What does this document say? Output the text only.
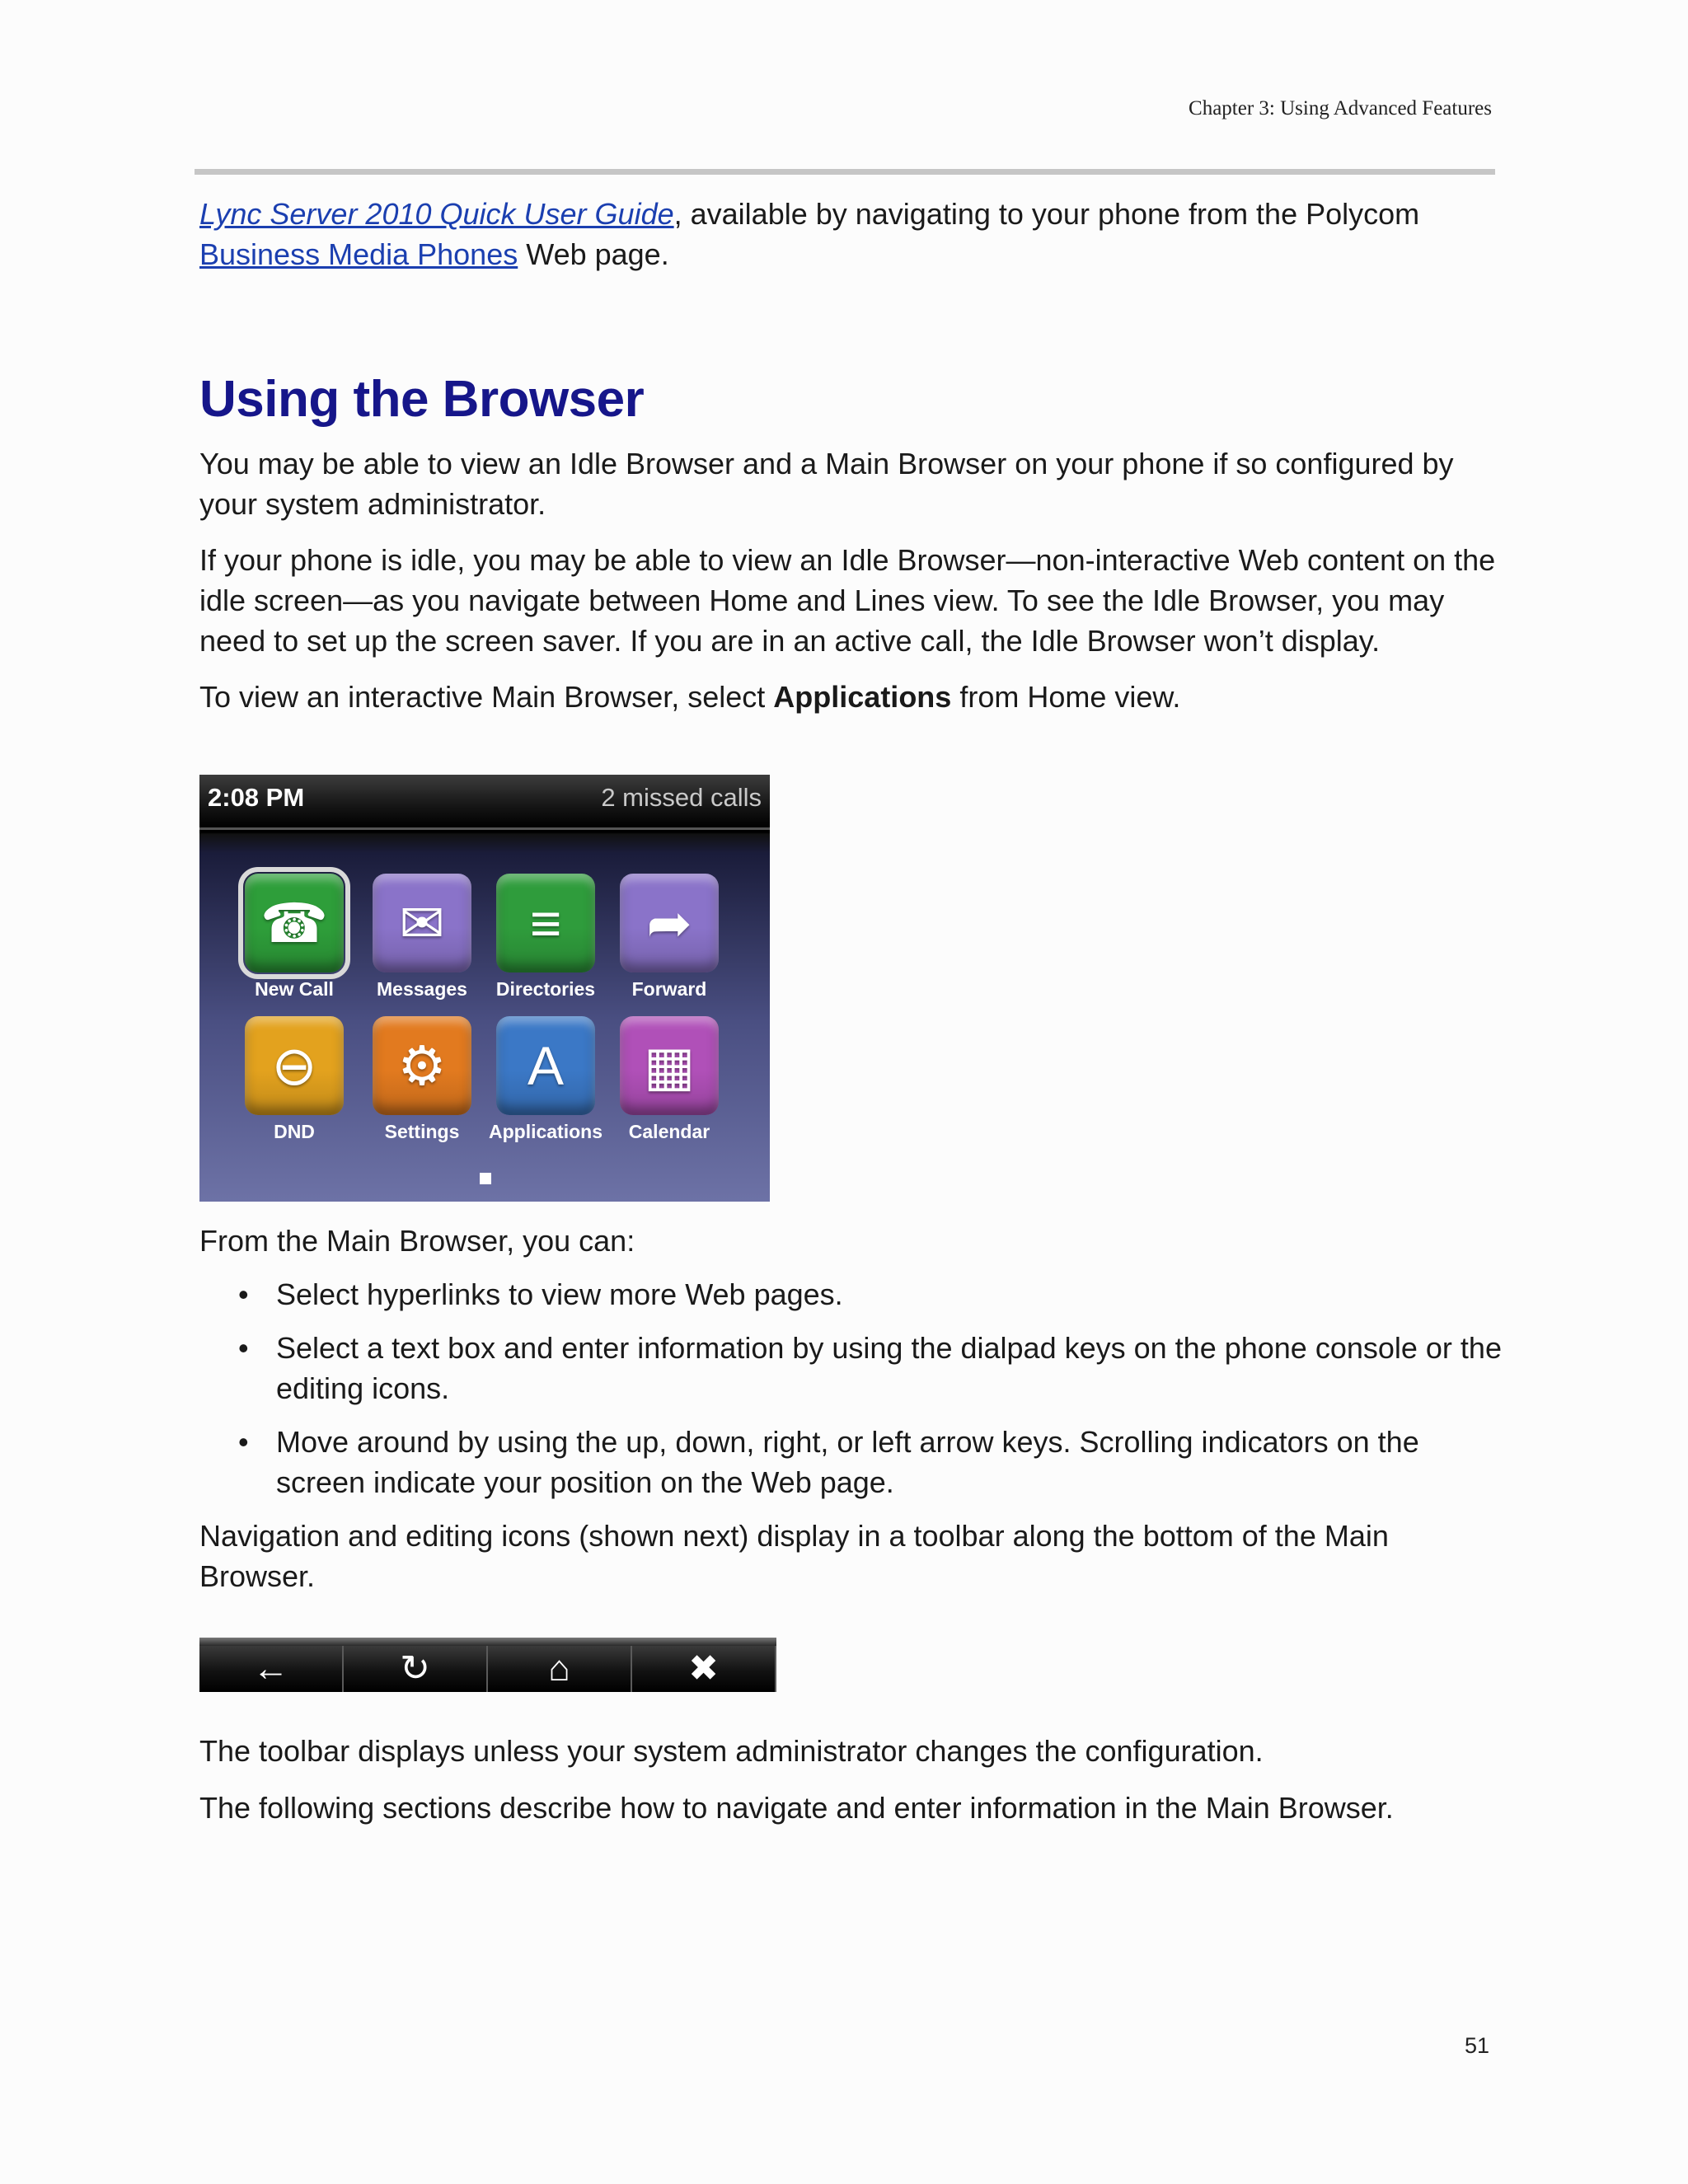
Chapter 3: Using Advanced Features

Lync Server 2010 Quick User Guide, available by navigating to your phone from the Polycom
Business Media Phones Web page.

Using the Browser

You may be able to view an Idle Browser and a Main Browser on your phone if so configured by your system administrator.

If your phone is idle, you may be able to view an Idle Browser—non-interactive Web content on the idle screen—as you navigate between Home and Lines view. To see the Idle Browser, you may need to set up the screen saver. If you are in an active call, the Idle Browser won’t display.

To view an interactive Main Browser, select Applications from Home view.

2:08 PM	2 missed calls
☎
New Call
✉
Messages
≡
Directories
➦
Forward
⊖
DND
⚙
Settings
A
Applications
▦
Calendar

From the Main Browser, you can:

• Select hyperlinks to view more Web pages.
• Select a text box and enter information by using the dialpad keys on the phone console or the editing icons.
• Move around by using the up, down, right, or left arrow keys. Scrolling indicators on the screen indicate your position on the Web page.

Navigation and editing icons (shown next) display in a toolbar along the bottom of the Main Browser.

←	↻	⌂	✖

The toolbar displays unless your system administrator changes the configuration.

The following sections describe how to navigate and enter information in the Main Browser.

51
